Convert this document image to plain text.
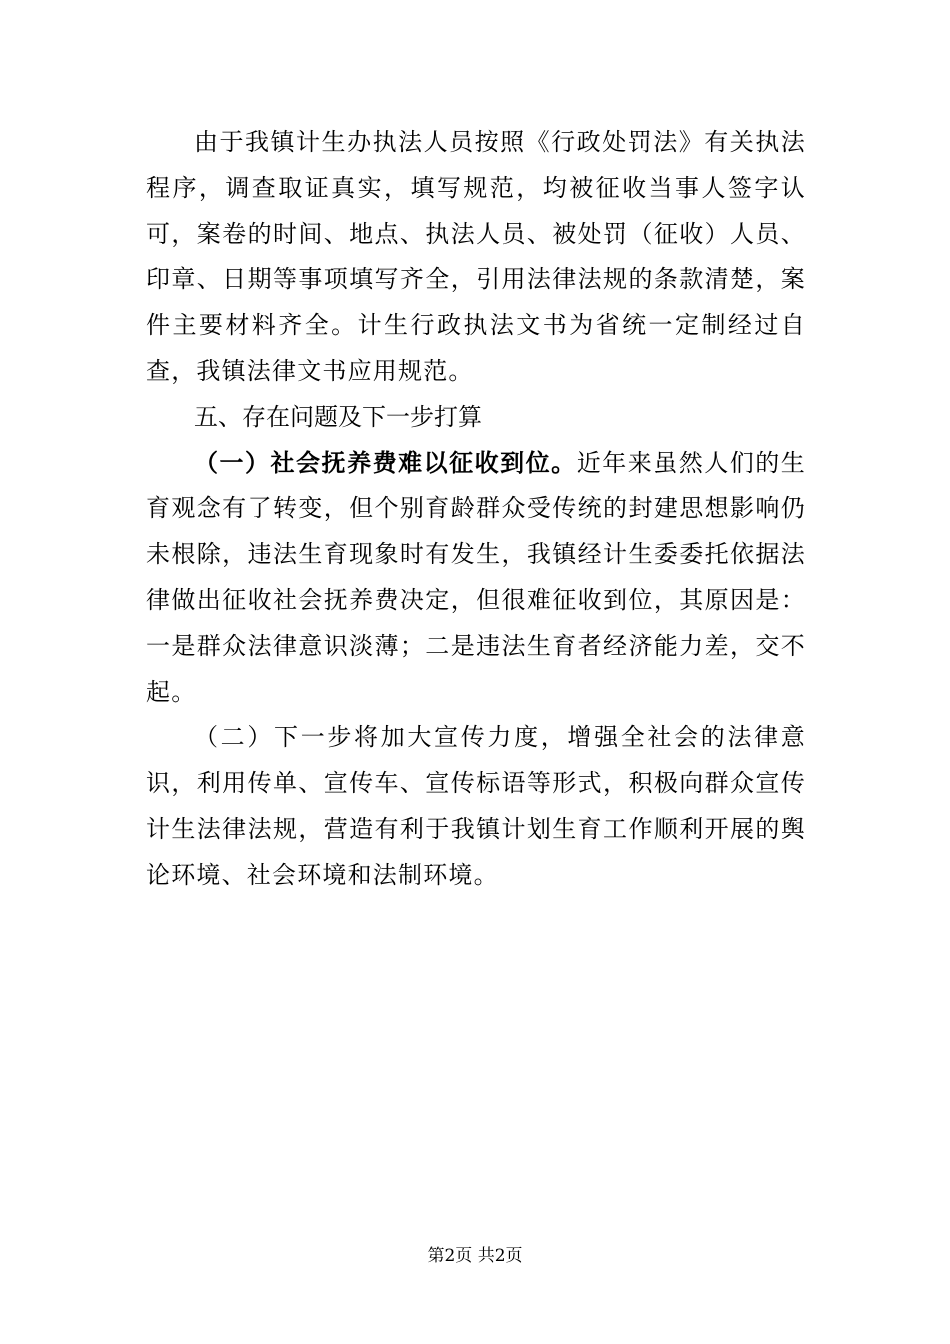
由于我镇计生办执法人员按照《行政处罚法》有关执法程序，调查取证真实，填写规范，均被征收当事人签字认可，案卷的时间、地点、执法人员、被处罚（征收）人员、印章、日期等事项填写齐全，引用法律法规的条款清楚，案件主要材料齐全。计生行政执法文书为省统一定制经过自查，我镇法律文书应用规范。

五、存在问题及下一步打算

（一）社会抚养费难以征收到位。近年来虽然人们的生育观念有了转变，但个别育龄群众受传统的封建思想影响仍未根除，违法生育现象时有发生，我镇经计生委委托依据法律做出征收社会抚养费决定，但很难征收到位，其原因是：一是群众法律意识淡薄；二是违法生育者经济能力差，交不起。

（二）下一步将加大宣传力度，增强全社会的法律意识，利用传单、宣传车、宣传标语等形式，积极向群众宣传计生法律法规，营造有利于我镇计划生育工作顺利开展的舆论环境、社会环境和法制环境。

第2页 共2页
